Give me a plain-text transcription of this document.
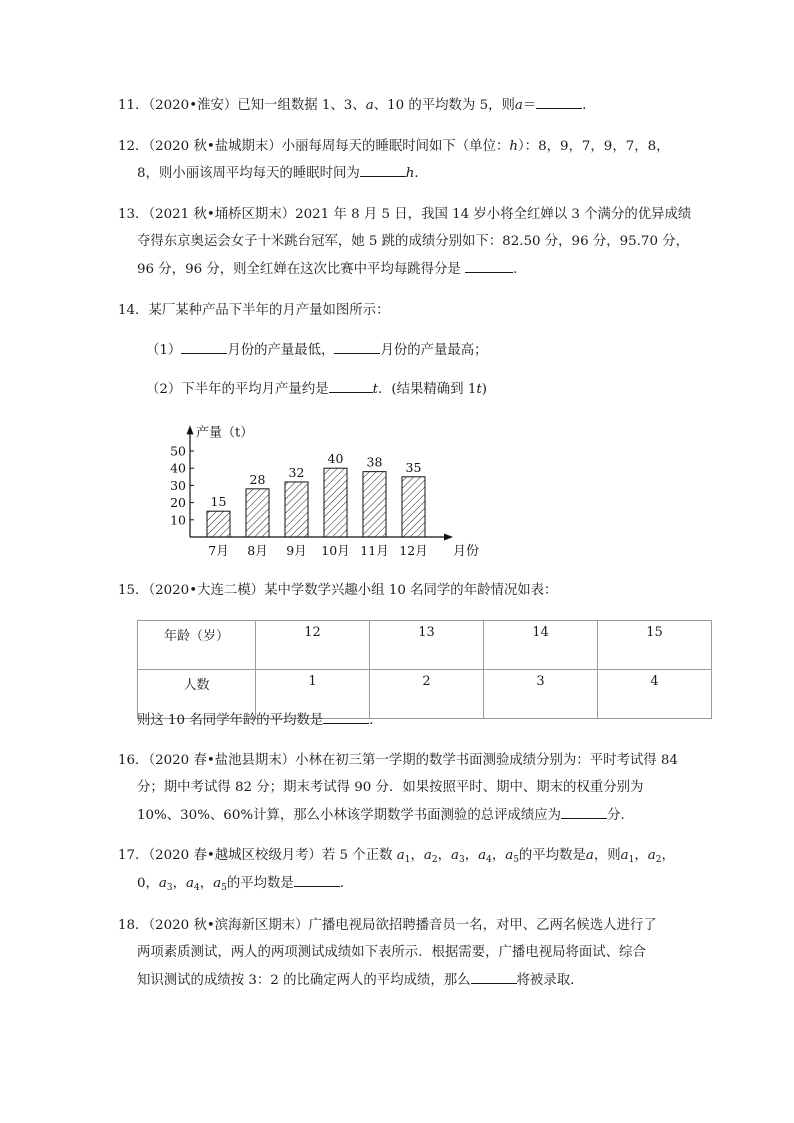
11．（2020•淮安）已知一组数据 1、3、a、10 的平均数为 5，则a＝	．
12．（2020 秋•盐城期末）小丽每周每天的睡眠时间如下（单位：h）：8，9，7，9，7，8，
8，则小丽该周平均每天的睡眠时间为	h．
13．（2021 秋•埇桥区期末）2021 年 8 月 5 日，我国 14 岁小将全红婵以 3 个满分的优异成绩
夺得东京奥运会女子十米跳台冠军，她 5 跳的成绩分别如下：82.50 分，96 分，95.70 分，
96 分，96 分，则全红婵在这次比赛中平均每跳得分是	．
14．某厂某种产品下半年的月产量如图所示：
（1）	月份的产量最低，	月份的产量最高；
（2）下半年的平均月产量约是	t．(结果精确到 1t)
10
20
30
40
50
产量（t）
月份
15
7月
28
8月
32
9月
40
10月
38
11月
35
12月
15．（2020•大连二模）某中学数学兴趣小组 10 名同学的年龄情况如表：
年龄（岁）	12	13	14	15
人数	1	2	3	4
则这 10 名同学年龄的平均数是	．
16．（2020 春•盐池县期末）小林在初三第一学期的数学书面测验成绩分别为：平时考试得 84
分；期中考试得 82 分；期末考试得 90 分．如果按照平时、期中、期末的权重分别为
10%、30%、60%计算，那么小林该学期数学书面测验的总评成绩应为	分．
17．（2020 春•越城区校级月考）若 5 个正数 $a_1$，$a_2$，$a_3$，$a_4$，$a_5$的平均数是a，则$a_1$，$a_2$，
0，$a_3$，$a_4$，$a_5$的平均数是	．
18．（2020 秋•滨海新区期末）广播电视局欲招聘播音员一名，对甲、乙两名候选人进行了
两项素质测试，两人的两项测试成绩如下表所示．根据需要，广播电视局将面试、综合
知识测试的成绩按 3：2 的比确定两人的平均成绩，那么	将被录取．
